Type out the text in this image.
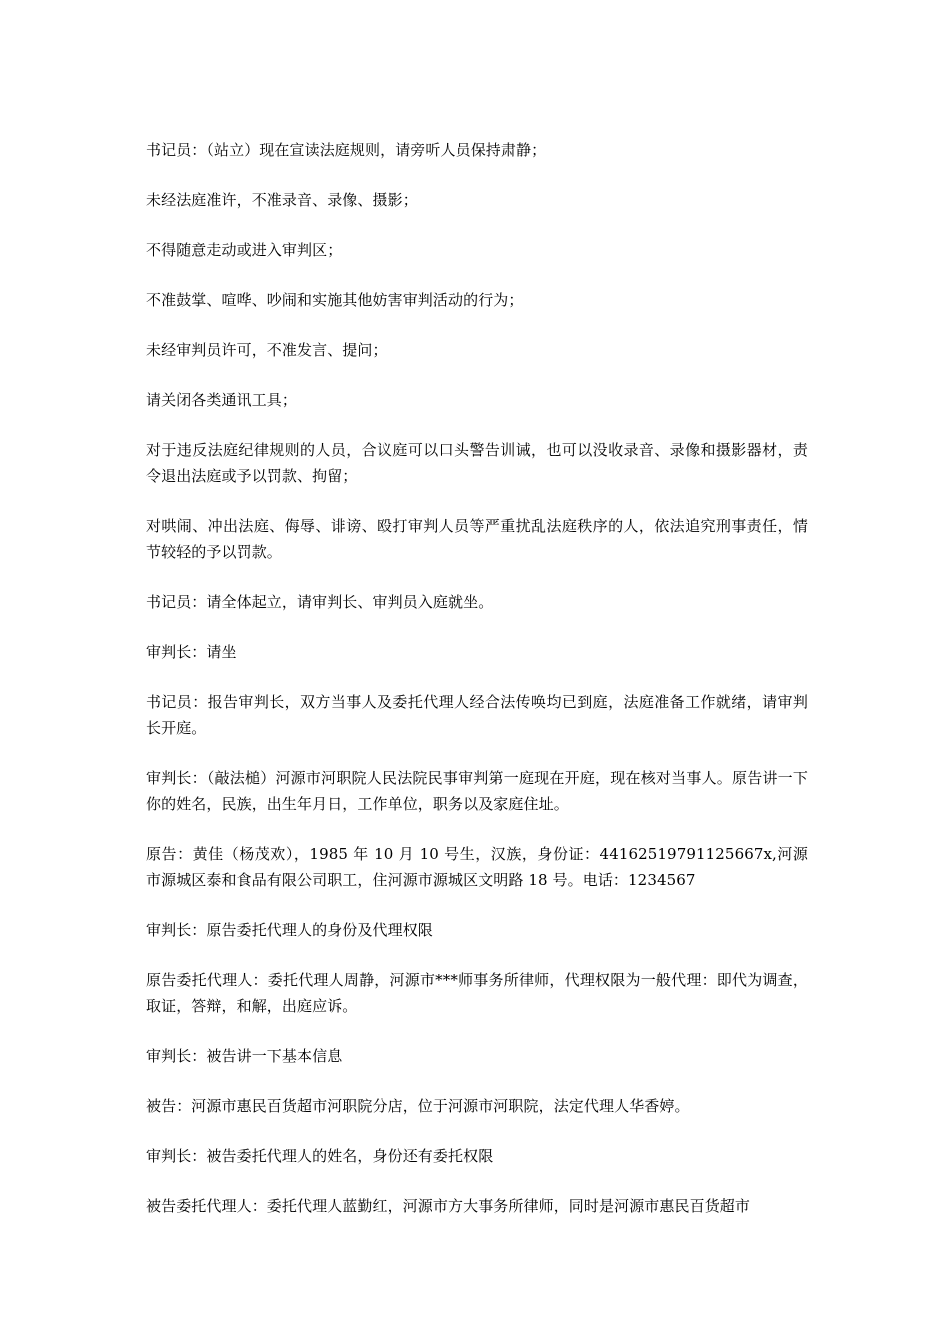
书记员：（站立）现在宣读法庭规则，请旁听人员保持肃静；

未经法庭准许，不准录音、录像、摄影；

不得随意走动或进入审判区；

不准鼓掌、喧哗、吵闹和实施其他妨害审判活动的行为；

未经审判员许可，不准发言、提问；

请关闭各类通讯工具；

对于违反法庭纪律规则的人员，合议庭可以口头警告训诫，也可以没收录音、录像和摄影器材，责令退出法庭或予以罚款、拘留；

对哄闹、冲出法庭、侮辱、诽谤、殴打审判人员等严重扰乱法庭秩序的人，依法追究刑事责任，情节较轻的予以罚款。

书记员：请全体起立，请审判长、审判员入庭就坐。

审判长：请坐

书记员：报告审判长，双方当事人及委托代理人经合法传唤均已到庭，法庭准备工作就绪，请审判长开庭。

审判长：（敲法槌）河源市河职院人民法院民事审判第一庭现在开庭，现在核对当事人。原告讲一下你的姓名，民族，出生年月日，工作单位，职务以及家庭住址。

原告：黄佳（杨茂欢），1985 年 10 月 10 号生，汉族，身份证：44162519791125667x,河源市源城区泰和食品有限公司职工，住河源市源城区文明路 18 号。电话：1234567

审判长：原告委托代理人的身份及代理权限

原告委托代理人：委托代理人周静，河源市***师事务所律师，代理权限为一般代理：即代为调查，取证，答辩，和解，出庭应诉。

审判长：被告讲一下基本信息

被告：河源市惠民百货超市河职院分店，位于河源市河职院，法定代理人华香婷。

审判长：被告委托代理人的姓名，身份还有委托权限

被告委托代理人：委托代理人蓝勤红，河源市方大事务所律师，同时是河源市惠民百货超市
